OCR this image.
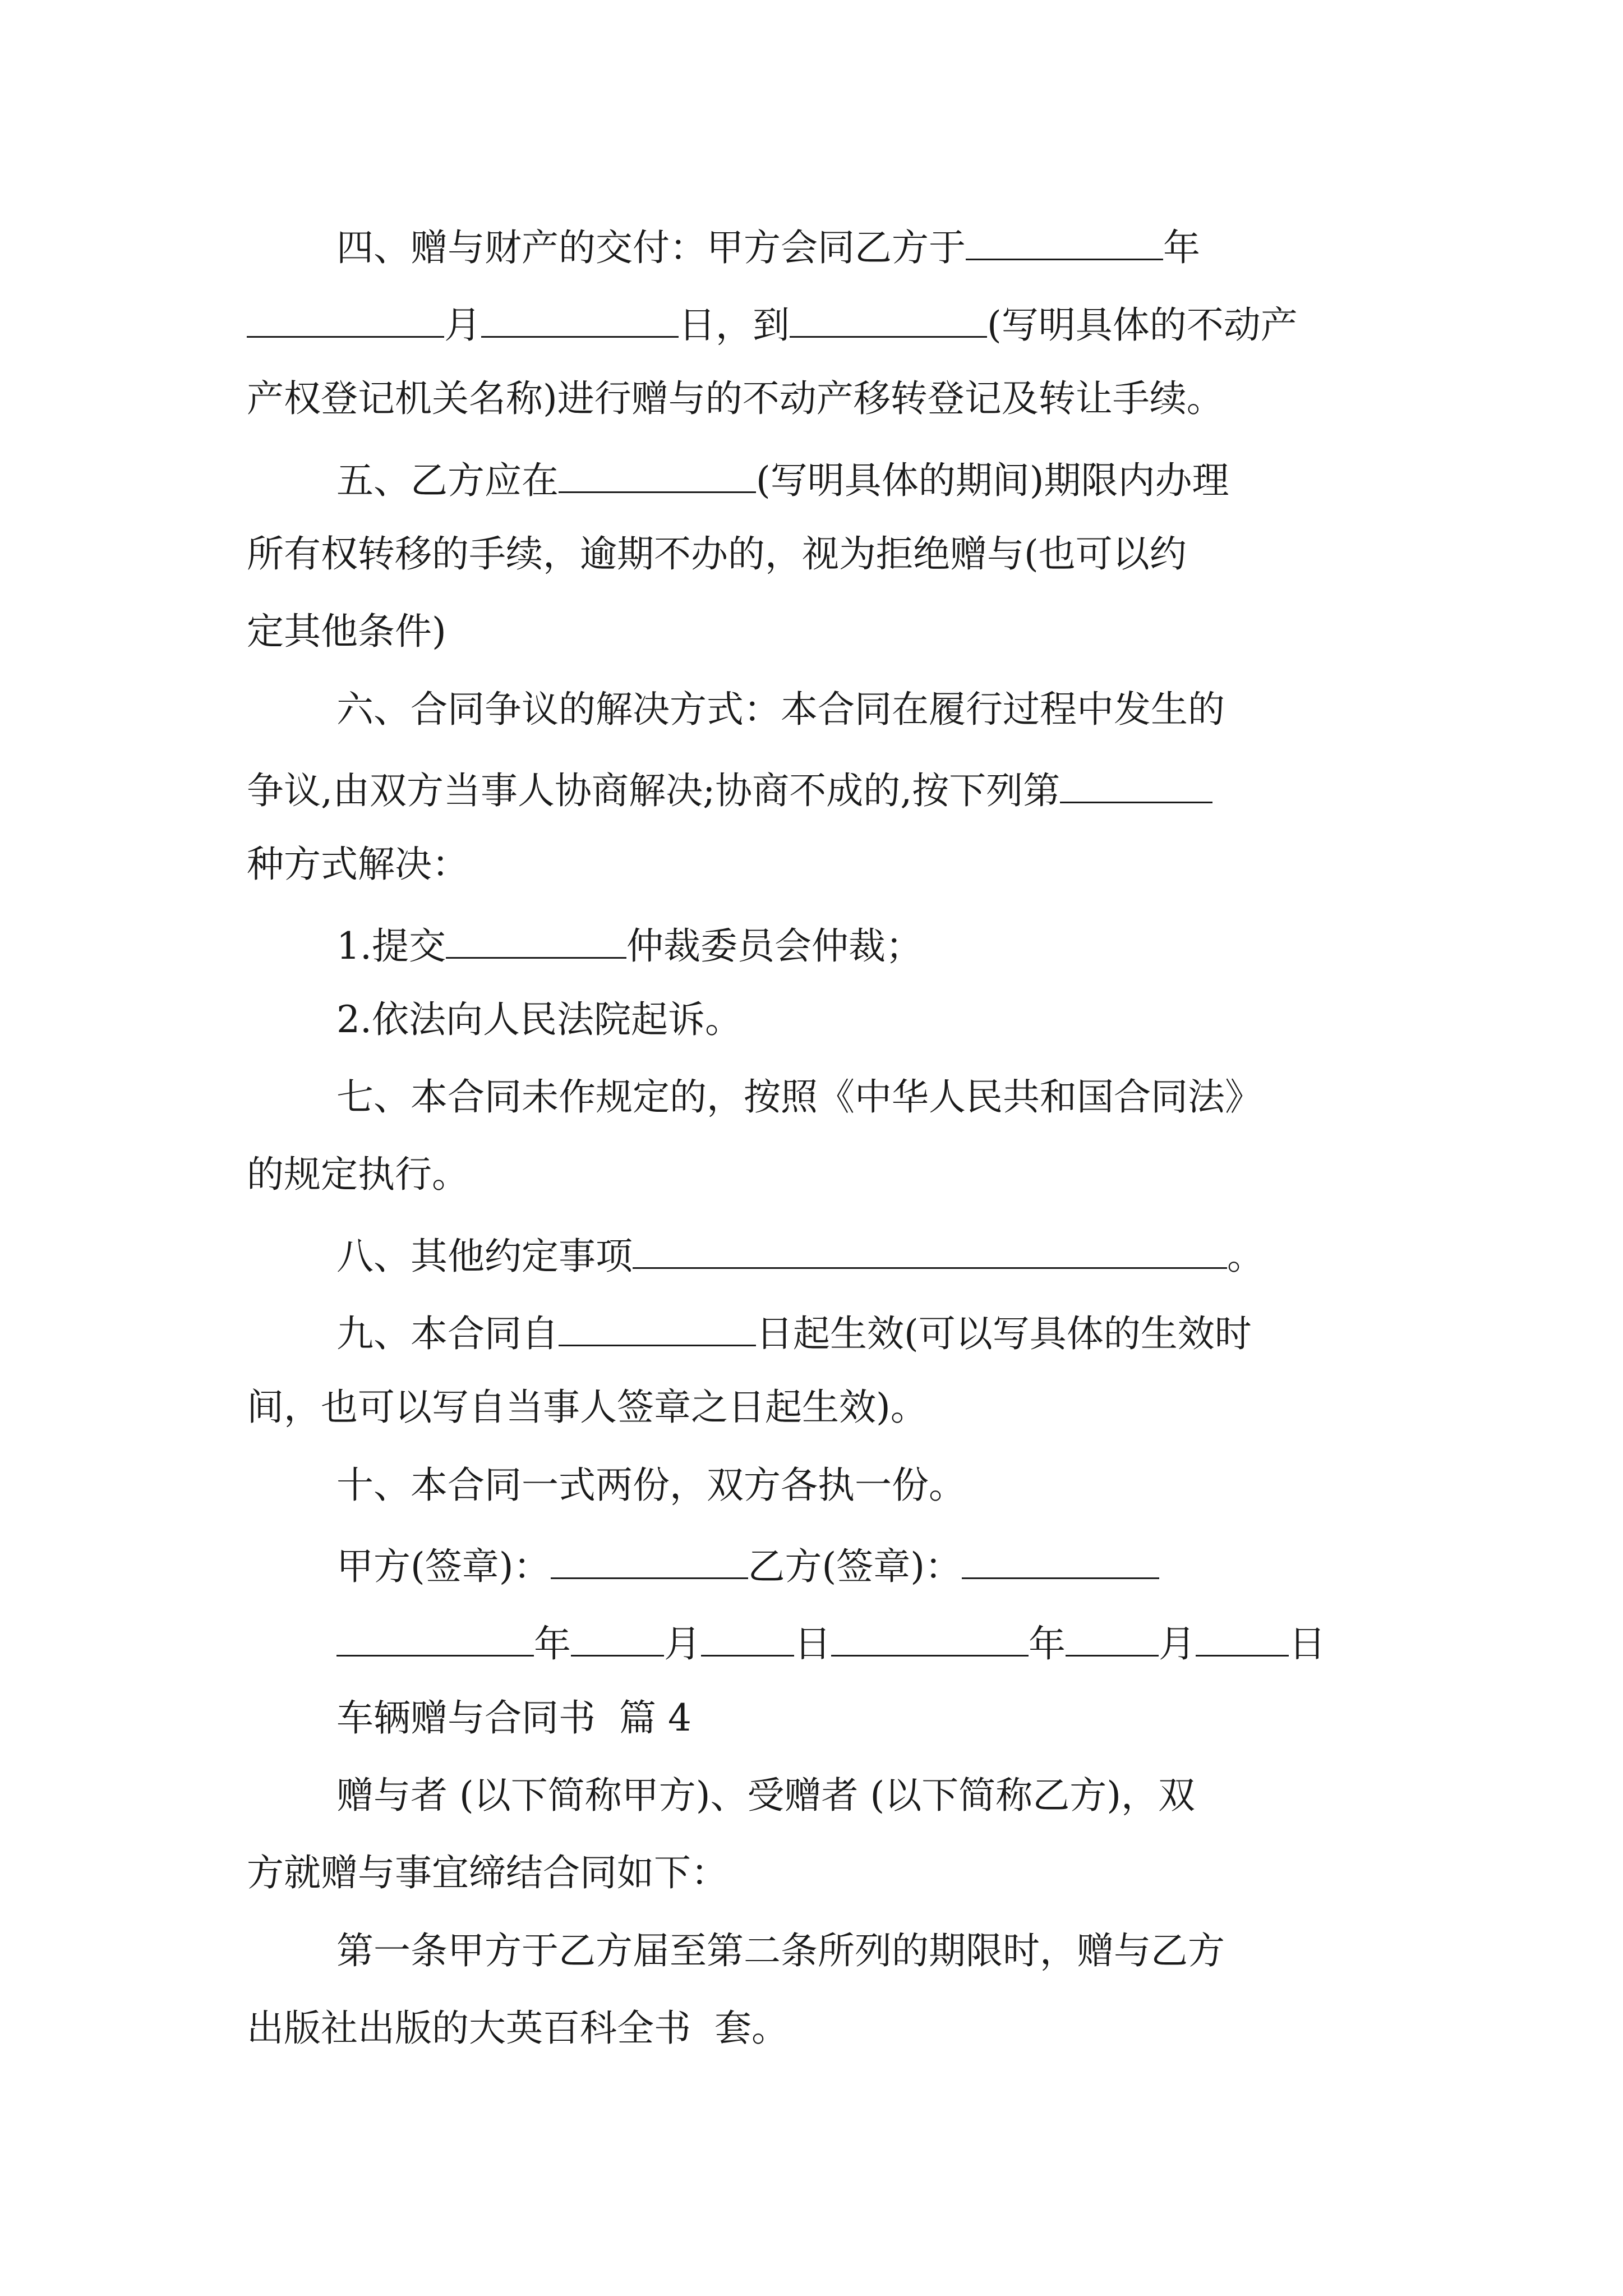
四、赠与财产的交付：甲方会同乙方于	年
月	日，到	(写明具体的不动产
产权登记机关名称)进行赠与的不动产移转登记及转让手续。
五、乙方应在	(写明具体的期间)期限内办理
所有权转移的手续，逾期不办的，视为拒绝赠与(也可以约
定其他条件)
六、合同争议的解决方式：本合同在履行过程中发生的
争议,由双方当事人协商解决;协商不成的,按下列第
种方式解决：
1.提交	仲裁委员会仲裁；
2.依法向人民法院起诉。
七、本合同未作规定的，按照《中华人民共和国合同法》
的规定执行。
八、其他约定事项	。
九、本合同自	日起生效(可以写具体的生效时
间，也可以写自当事人签章之日起生效)。
十、本合同一式两份，双方各执一份。
甲方(签章)：	乙方(签章)：
年	月	日	年	月	日
车辆赠与合同书  篇 4
赠与者 (以下简称甲方)、受赠者 (以下简称乙方)，双
方就赠与事宜缔结合同如下：
第一条甲方于乙方届至第二条所列的期限时，赠与乙方
出版社出版的大英百科全书  套。
